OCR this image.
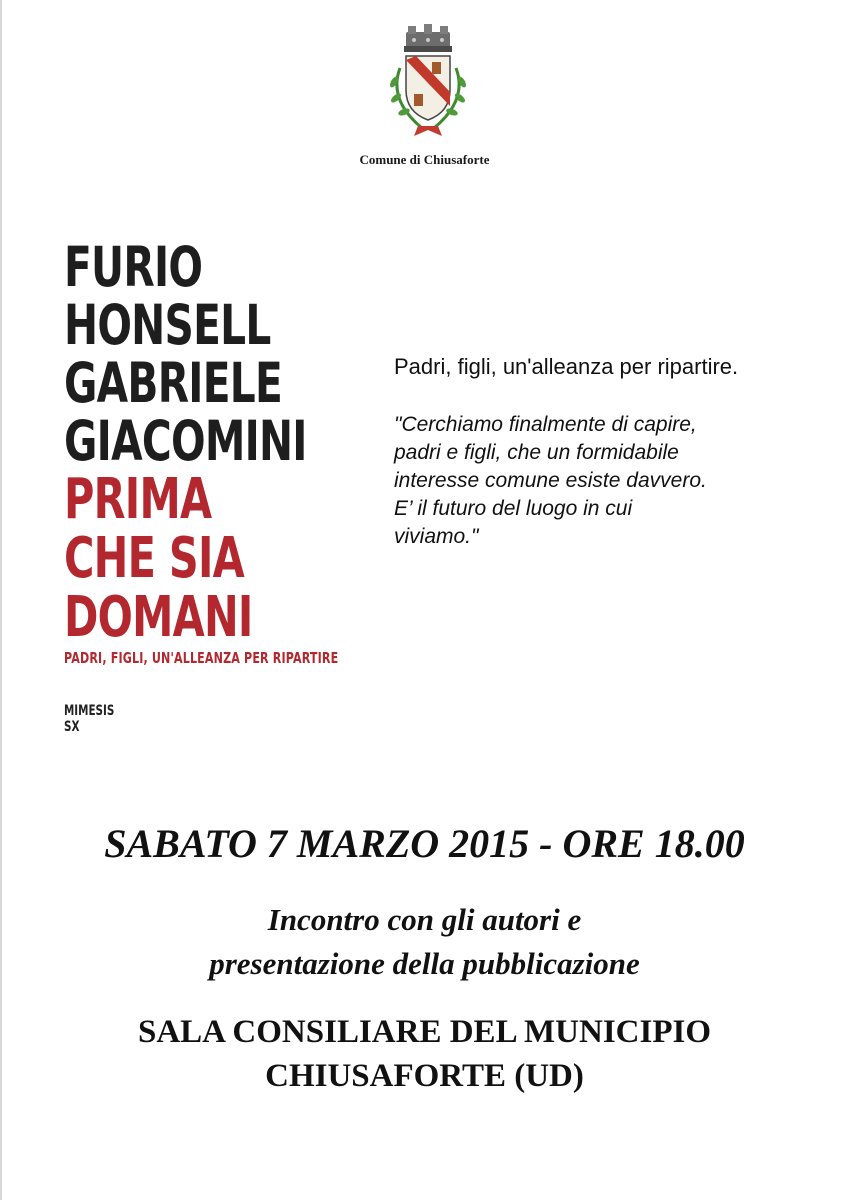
Comune di Chiusaforte
FURIO
HONSELL
GABRIELE
GIACOMINI
PRIMA
CHE SIA
DOMANI
PADRI, FIGLI, UN'ALLEANZA PER RIPARTIRE
MIMESIS
SX

Padri, figli, un'alleanza per ripartire.

"Cerchiamo finalmente di capire,
padri e figli, che un formidabile
interesse comune esiste davvero.
E’ il futuro del luogo in cui
viviamo."

SABATO 7 MARZO 2015 - ORE 18.00
Incontro con gli autori e
presentazione della pubblicazione
SALA CONSILIARE DEL MUNICIPIO
CHIUSAFORTE (UD)
